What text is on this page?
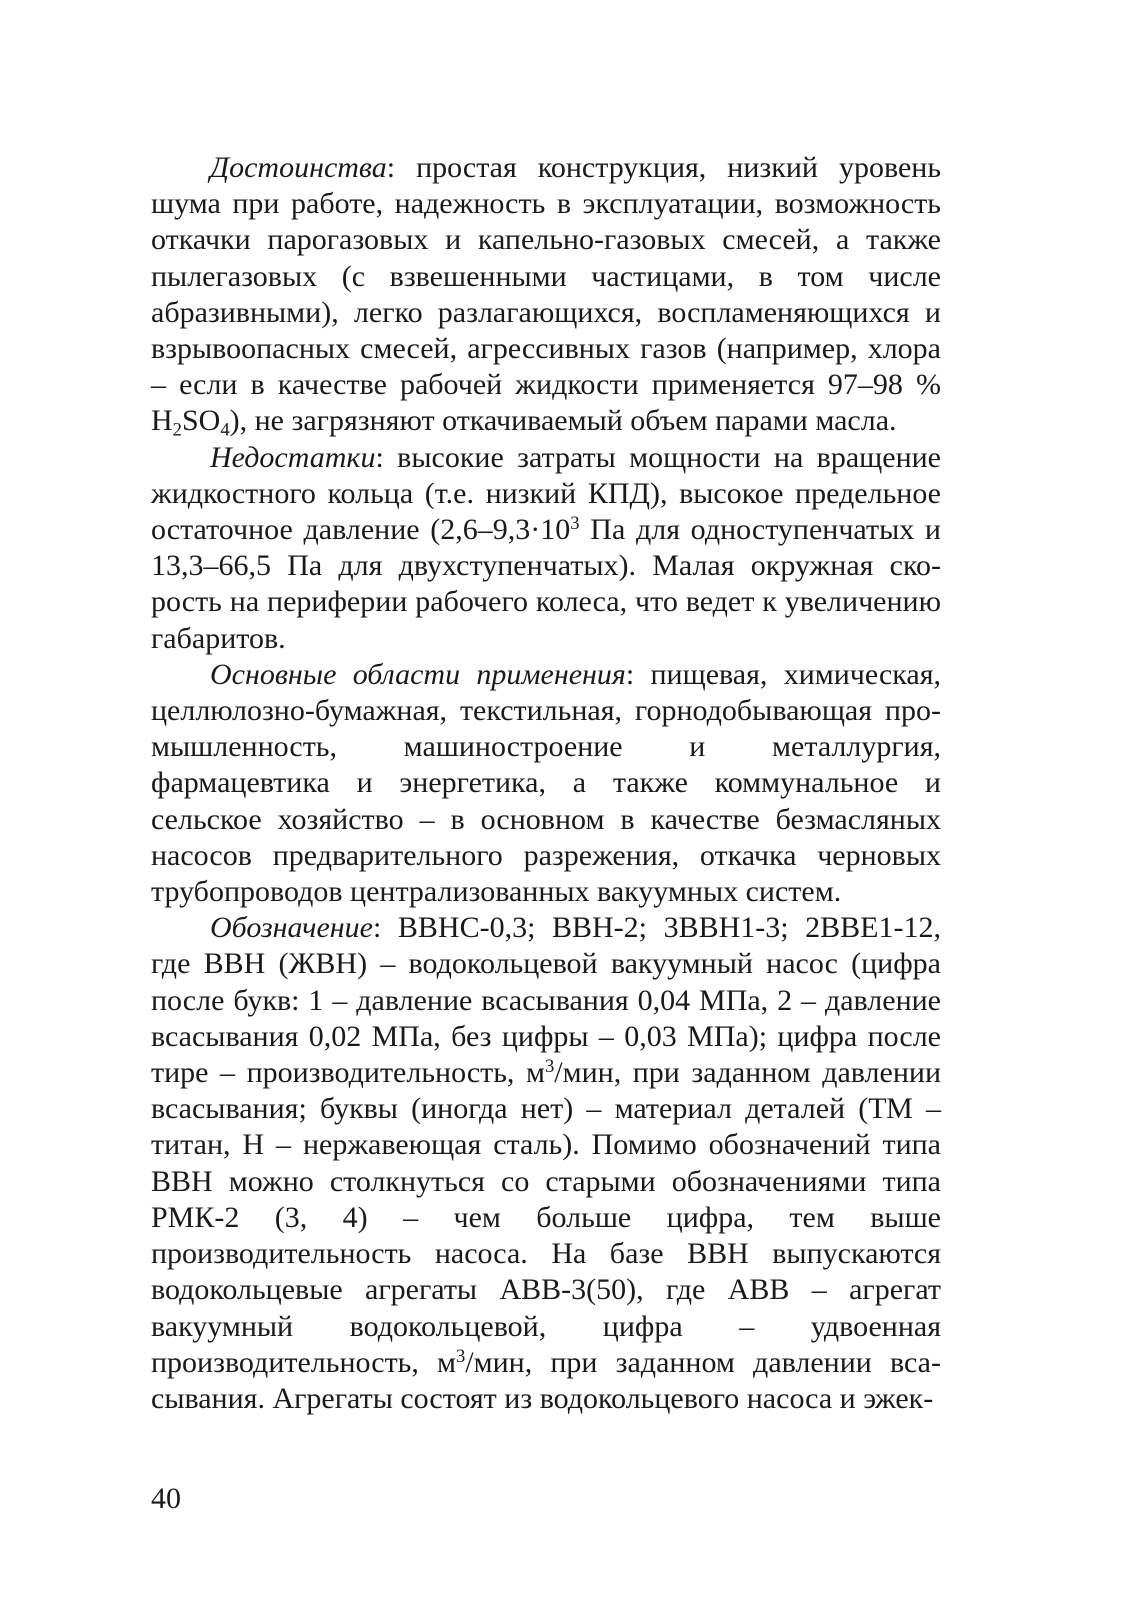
Достоинства: простая конструкция, низкий уровень шума при работе, надежность в эксплуатации, возможность откачки парогазовых и капельно-газовых смесей, а также пылегазовых (с взвешенными частицами, в том числе абразивными), легко разлагающихся, воспламеняющихся и взрывоопасных смесей, агрессивных газов (например, хлора – если в качестве рабочей жидкости применяется 97–98 % $H_2SO_4$), не загрязняют откачиваемый объем парами масла.

Недостатки: высокие затраты мощности на вращение жидкостного кольца (т.е. низкий КПД), высокое предельное остаточное давление ($2,6-9,3\cdot 10^3$ Па для одноступенчатых и 13,3–66,5 Па для двухступенчатых). Малая окружная скорость на периферии рабочего колеса, что ведет к увеличению габаритов.

Основные области применения: пищевая, химическая, целлюлозно-бумажная, текстильная, горнодобывающая промышленность, машиностроение и металлургия, фармацевтика и энергетика, а также коммунальное и сельское хозяйство – в основном в качестве безмасляных насосов предварительного разрежения, откачка черновых трубопроводов централизованных вакуумных систем.

Обозначение: ВВНС-0,3; ВВН-2; 3ВВН1-3; 2ВВЕ1-12, где ВВН (ЖВН) – водокольцевой вакуумный насос (цифра после букв: 1 – давление всасывания 0,04 МПа, 2 – давление всасывания 0,02 МПа, без цифры – 0,03 МПа); цифра после тире – производительность, $м^3$/мин, при заданном давлении всасывания; буквы (иногда нет) – материал деталей (ТМ – титан, Н – нержавеющая сталь). Помимо обозначений типа ВВН можно столкнуться со старыми обозначениями типа РМК-2 (3, 4) – чем больше цифра, тем выше производительность насоса. На базе ВВН выпускаются водокольцевые агрегаты АВВ-3(50), где АВВ – агрегат вакуумный водокольцевой, цифра – удвоенная производительность, $м^3$/мин, при заданном давлении всасывания. Агрегаты состоят из водокольцевого насоса и эжек-

40
